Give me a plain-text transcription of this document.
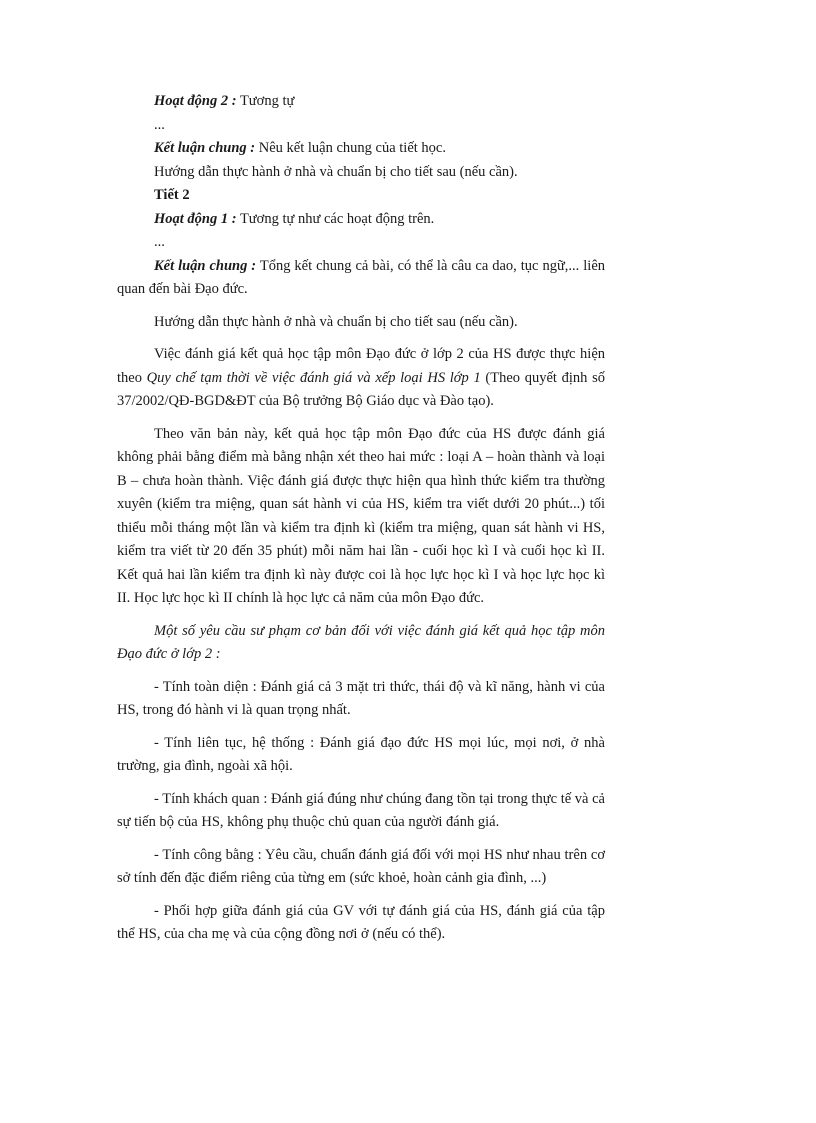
Hoạt động 2 : Tương tự

...

Kết luận chung : Nêu kết luận chung của tiết học.

Hướng dẫn thực hành ở nhà và chuẩn bị cho tiết sau (nếu cần).

Tiết 2

Hoạt động 1 : Tương tự như các hoạt động trên.

...

Kết luận chung : Tổng kết chung cả bài, có thể là câu ca dao, tục ngữ,... liên quan đến bài Đạo đức.

Hướng dẫn thực hành ở nhà và chuẩn bị cho tiết sau (nếu cần).

Việc đánh giá kết quả học tập môn Đạo đức ở lớp 2 của HS được thực hiện theo Quy chế tạm thời về việc đánh giá và xếp loại HS lớp 1 (Theo quyết định số 37/2002/QĐ-BGD&ĐT của Bộ trưởng Bộ Giáo dục và Đào tạo).

Theo văn bản này, kết quả học tập môn Đạo đức của HS được đánh giá không phải bằng điểm mà bằng nhận xét theo hai mức : loại A – hoàn thành và loại B – chưa hoàn thành. Việc đánh giá được thực hiện qua hình thức kiểm tra thường xuyên (kiểm tra miệng, quan sát hành vi của HS, kiểm tra viết dưới 20 phút...) tối thiểu mỗi tháng một lần và kiểm tra định kì (kiểm tra miệng, quan sát hành vi HS, kiểm tra viết từ 20 đến 35 phút) mỗi năm hai lần - cuối học kì I và cuối học kì II. Kết quả hai lần kiểm tra định kì này được coi là học lực học kì I và học lực học kì II. Học lực học kì II chính là học lực cả năm của môn Đạo đức.

Một số yêu cầu sư phạm cơ bản đối với việc đánh giá kết quả học tập môn Đạo đức ở lớp 2 :

- Tính toàn diện : Đánh giá cả 3 mặt tri thức, thái độ và kĩ năng, hành vi của HS, trong đó hành vi là quan trọng nhất.

- Tính liên tục, hệ thống : Đánh giá đạo đức HS mọi lúc, mọi nơi, ở nhà trường, gia đình, ngoài xã hội.

- Tính khách quan : Đánh giá đúng như chúng đang tồn tại trong thực tế và cả sự tiến bộ của HS, không phụ thuộc chủ quan của người đánh giá.

- Tính công bằng : Yêu cầu, chuẩn đánh giá đối với mọi HS như nhau trên cơ sở tính đến đặc điểm riêng của từng em (sức khoẻ, hoàn cảnh gia đình, ...)

- Phối hợp giữa đánh giá của GV với tự đánh giá của HS, đánh giá của tập thể HS, của cha mẹ và của cộng đồng nơi ở (nếu có thể).
